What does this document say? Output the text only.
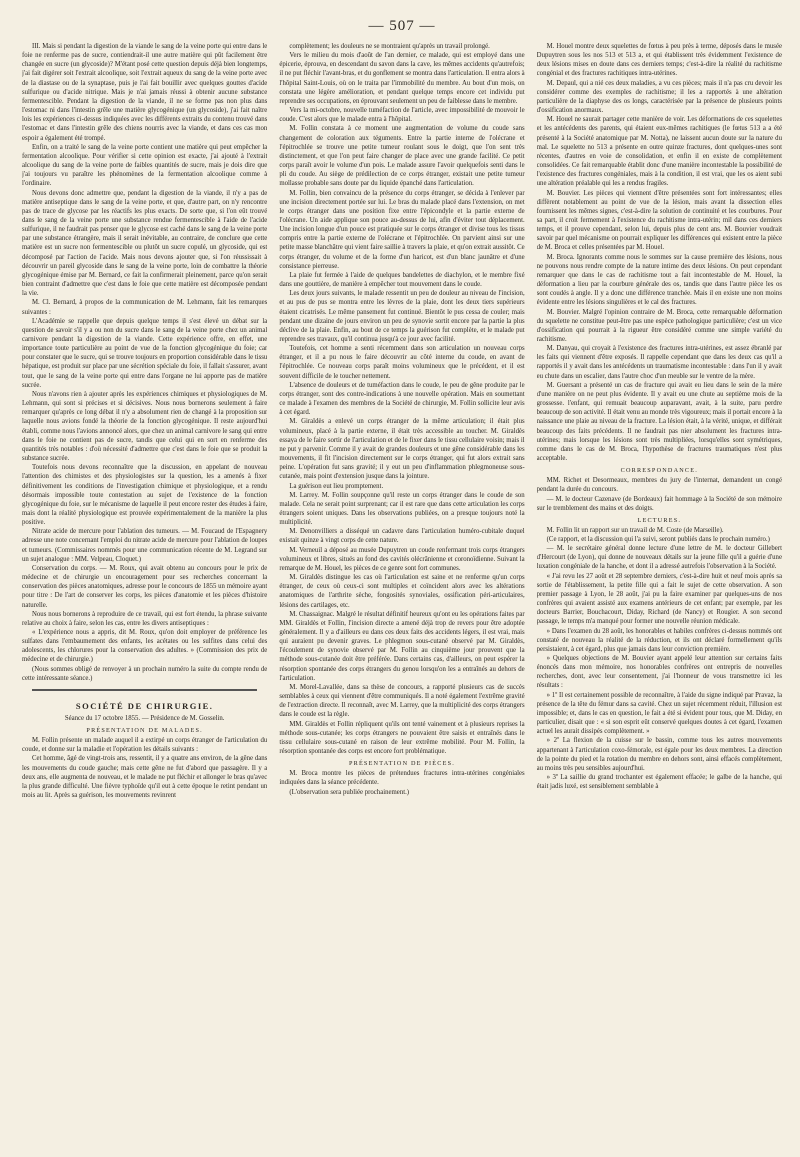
— 507 —

III. Mais si pendant la digestion de la viande le sang de la veine porte qui entre dans le foie ne renferme pas de sucre, contiendrait-il une autre matière qui pût facilement être changée en sucre (un glycoside)? M'étant posé cette question depuis déjà bien longtemps, j'ai fait digérer soit l'extrait alcoolique, soit l'extrait aqueux du sang de la veine porte avec de la diastase ou de la synaptase, puis je l'ai fait bouillir avec quelques gouttes d'acide sulfurique ou d'acide nitrique. Mais je n'ai jamais réussi à obtenir aucune substance fermentescible. Pendant la digestion de la viande, il ne se forme pas non plus dans l'estomac ni dans l'intestin grêle une matière glycogénique (un glycoside), j'ai fait naître lois les expériences ci-dessus indiquées avec les différents extraits du contenu trouvé dans l'estomac et dans l'intestin grêle des chiens nourris avec la viande, et dans ces cas mon espoir a également été trompé.

Enfin, on a traité le sang de la veine porte contient une matière qui peut empêcher la fermentation alcoolique. Pour vérifier si cette opinion est exacte, j'ai ajouté à l'extrait alcoolique du sang de la veine porte de faibles quantités de sucre, mais je dois dire que j'ai toujours vu paraître les phénomènes de la fermentation alcoolique comme à l'ordinaire.

Nous devons donc admettre que, pendant la digestion de la viande, il n'y a pas de matière antiseptique dans le sang de la veine porte, et que, d'autre part, on n'y rencontre pas de trace de glycose par les réactifs les plus exacts. De sorte que, si l'on eût trouvé dans le sang de la veine porte une substance rendue fermentescible à l'aide de l'acide sulfurique, il ne faudrait pas penser que le glycose est caché dans le sang de la veine porte par une substance étrangère, mais il serait inévitable, au contraire, de conclure que cette matière est un sucre non fermentescible ou plutôt un sucre copulé, un glycoside, qui est décomposé par l'action de l'acide. Mais nous devons ajouter que, si l'on réussissait à découvrir un pareil glycoside dans le sang de la veine porte, loin de combattre la théorie glycogénique émise par M. Bernard, ce fait la confirmerait pleinement, parce qu'on serait bien contraint d'admettre que c'est dans le foie que cette matière est décomposée pendant la vie.

M. Cl. Bernard, à propos de la communication de M. Lehmann, fait les remarques suivantes :

L'Académie se rappelle que depuis quelque temps il s'est élevé un débat sur la question de savoir s'il y a ou non du sucre dans le sang de la veine porte chez un animal carnivore pendant la digestion de la viande. Cette expérience offre, en effet, une importance toute particulière au point de vue de la fonction glycogénique du foie; car pour constater que le sucre, qui se trouve toujours en proportion considérable dans le tissu hépatique, est produit sur place par une sécrétion spéciale du foie, il fallait s'assurer, avant tout, que le sang de la veine porte qui entre dans l'organe ne lui apporte pas de matière sucrée.

Nous n'avons rien à ajouter après les expériences chimiques et physiologiques de M. Lehmann, qui sont si précises et si décisives. Nous nous bornerons seulement à faire remarquer qu'après ce long débat il n'y a absolument rien de changé à la proposition sur laquelle nous avions fondé la théorie de la fonction glycogénique. Il reste aujourd'hui établi, comme nous l'avions annoncé alors, que chez un animal carnivore le sang qui entre dans le foie ne contient pas de sucre, tandis que celui qui en sort en renferme des quantités très notables : d'où nécessité d'admettre que c'est dans le foie que se produit la substance sucrée.

Toutefois nous devons reconnaître que la discussion, en appelant de nouveau l'attention des chimistes et des physiologistes sur la question, les a amenés à fixer définitivement les conditions de l'investigation chimique et physiologique, et a rendu désormais impossible toute contestation au sujet de l'existence de la fonction glycogénique du foie, sur le mécanisme de laquelle il peut encore rester des études à faire, mais dont la réalité physiologique est prouvée expérimentalement de la manière la plus positive.

Nitrate acide de mercure pour l'ablation des tumeurs. — M. Foucaud de l'Espagnery adresse une note concernant l'emploi du nitrate acide de mercure pour l'ablation de loupes et tumeurs. (Commissaires nommés pour une communication récente de M. Legrand sur un sujet analogue : MM. Velpeau, Cloquet.)

Conservation du corps. — M. Roux, qui avait obtenu au concours pour le prix de médecine et de chirurgie un encouragement pour ses recherches concernant la conservation des pièces anatomiques, adresse pour le concours de 1855 un mémoire ayant pour titre : De l'art de conserver les corps, les pièces d'anatomie et les pièces d'histoire naturelle.

Nous nous bornerons à reproduire de ce travail, qui est fort étendu, la phrase suivante relative au choix à faire, selon les cas, entre les divers antiseptiques :

« L'expérience nous a appris, dit M. Roux, qu'on doit employer de préférence les sulfates dans l'embaumement des enfants, les acétates ou les sulfites dans celui des adolescents, les chlorures pour la conservation des adultes. » (Commission des prix de médecine et de chirurgie.)

(Nous sommes obligé de renvoyer à un prochain numéro la suite du compte rendu de cette intéressante séance.)

SOCIÉTÉ DE CHIRURGIE.

Séance du 17 octobre 1855. — Présidence de M. Gosselin.

PRÉSENTATION DE MALADES.

M. Follin présente un malade auquel il a extirpé un corps étranger de l'articulation du coude, et donne sur la maladie et l'opération les détails suivants :

Cet homme, âgé de vingt-trois ans, ressentit, il y a quatre ans environ, de la gêne dans les mouvements du coude gauche; mais cette gêne ne fut d'abord que passagère. Il y a deux ans, elle augmenta de nouveau, et le malade ne put fléchir et allonger le bras qu'avec la plus grande difficulté. Une fièvre typhoïde qu'il eut à cette époque le retint pendant un mois au lit. Après sa guérison, les mouvements revinrent

complètement; les douleurs ne se montraient qu'après un travail prolongé.

Vers le milieu du mois d'août de l'an dernier, ce malade, qui est employé dans une épicerie, éprouva, en descendant du savon dans la cave, les mêmes accidents qu'autrefois; il ne put fléchir l'avant-bras, et du gonflement se montra dans l'articulation. Il entra alors à l'hôpital Saint-Louis, où on le traita par l'immobilité du membre. Au bout d'un mois, on constata une légère amélioration, et pendant quelque temps encore cet individu put reprendre ses occupations, en éprouvant seulement un peu de faiblesse dans le membre.

Vers la mi-octobre, nouvelle tuméfaction de l'article, avec impossibilité de mouvoir le coude. C'est alors que le malade entra à l'hôpital.

M. Follin constata à ce moment une augmentation de volume du coude sans changement de coloration aux téguments. Entre la partie interne de l'olécrane et l'épitrochlée se trouve une petite tumeur roulant sous le doigt, que l'on sent très distinctement, et que l'on peut faire changer de place avec une grande facilité. Ce petit corps paraît avoir le volume d'un pois. Le malade assure l'avoir quelquefois senti dans le pli du coude. Au siège de prédilection de ce corps étranger, existait une petite tumeur mollasse probable sans doute par du liquide épanché dans l'articulation.

M. Follin, bien convaincu de la présence du corps étranger, se décida à l'enlever par une incision directement portée sur lui. Le bras du malade placé dans l'extension, on met le corps étranger dans une position fixe entre l'épicondyle et la partie externe de l'olécrane. Un aide applique son pouce au-dessus de lui, afin d'éviter tout déplacement. Une incision longue d'un pouce est pratiquée sur le corps étranger et divise tous les tissus compris entre la partie externe de l'olécrane et l'épitrochlée. On parvient ainsi sur une petite masse blanchâtre qui vient faire saillie à travers la plaie, et qu'on extrait aussitôt. Ce corps étranger, du volume et de la forme d'un haricot, est d'un blanc jaunâtre et d'une consistance pierreuse.

La plaie fut fermée à l'aide de quelques bandelettes de diachylon, et le membre fixé dans une gouttière, de manière à empêcher tout mouvement dans le coude.

Les deux jours suivants, le malade ressentit un peu de douleur au niveau de l'incision, et au pus de pus se montra entre les lèvres de la plaie, dont les deux tiers supérieurs étaient cicatrisés. Le même pansement fut continué. Bientôt le pus cessa de couler; mais pendant une dizaine de jours environ un peu de synovie sortit encore par la partie la plus déclive de la plaie. Enfin, au bout de ce temps la guérison fut complète, et le malade put reprendre ses travaux, qu'il continua jusqu'à ce jour avec facilité.

Toutefois, cet homme a senti récemment dans son articulation un nouveau corps étranger, et il a pu nous le faire découvrir au côté interne du coude, en avant de l'épitrochlée. Ce nouveau corps paraît moins volumineux que le précédent, et il est souvent difficile de le toucher nettement.

L'absence de douleurs et de tuméfaction dans le coude, le peu de gêne produite par le corps étranger, sont des contre-indications à une nouvelle opération. Mais en soumettant ce malade à l'examen des membres de la Société de chirurgie, M. Follin sollicite leur avis à cet égard.

M. Giraldès a enlevé un corps étranger de la même articulation; il était plus volumineux, placé à la partie externe, il était très accessible au toucher. M. Giraldès essaya de le faire sortir de l'articulation et de le fixer dans le tissu cellulaire voisin; mais il ne put y parvenir. Comme il y avait de grandes douleurs et une gêne considérable dans les mouvements, il fit l'incision directement sur le corps étranger, qui fut alors extrait sans peine. L'opération fut sans gravité; il y eut un peu d'inflammation phlegmoneuse sous-cutanée, mais point d'extension jusque dans la jointure.

La guérison eut lieu promptement.

M. Larrey. M. Follin soupçonne qu'il reste un corps étranger dans le coude de son malade. Cela ne serait point surprenant; car il est rare que dans cette articulation les corps étrangers soient uniques. Dans les observations publiées, on a presque toujours noté la multiplicité.

M. Denonvilliers a disséqué un cadavre dans l'articulation huméro-cubitale duquel existait quinze à vingt corps de cette nature.

M. Verneuil a déposé au musée Dupuytren un coude renfermant trois corps étrangers volumineux et libres, situés au fond des cavités olécrânienne et coronoïdienne. Suivant la remarque de M. Houel, les pièces de ce genre sont fort communes.

M. Giraldès distingue les cas où l'articulation est saine et ne renferme qu'un corps étranger, de ceux où ceux-ci sont multiples et coïncident alors avec les altérations anatomiques de l'arthrite sèche, fongosités synoviales, ossification péri-articulaires, lésions des cartilages, etc.

M. Chassaignac. Malgré le résultat définitif heureux qu'ont eu les opérations faites par MM. Giraldès et Follin, l'incision directe a amené déjà trop de revers pour être adoptée généralement. Il y a d'ailleurs eu dans ces deux faits des accidents légers, il est vrai, mais qui auraient pu devenir graves. Le phlegmon sous-cutané observé par M. Giraldès, l'écoulement de synovie observé par M. Follin au cinquième jour prouvent que la méthode sous-cutanée doit être préférée. Dans certains cas, d'ailleurs, on peut espérer la résorption spontanée des corps étrangers du genou lorsqu'on les a entraînés au dehors de l'articulation.

M. Morel-Lavallée, dans sa thèse de concours, a rapporté plusieurs cas de succès semblables à ceux qui viennent d'être communiqués. Il a noté également l'extrême gravité de l'extraction directe. Il reconnaît, avec M. Larrey, que la multiplicité des corps étrangers dans le coude est la règle.

MM. Giraldès et Follin répliquent qu'ils ont tenté vainement et à plusieurs reprises la méthode sous-cutanée; les corps étrangers ne pouvaient être saisis et entraînés dans le tissu cellulaire sous-cutané en raison de leur extrême mobilité. Pour M. Follin, la résorption spontanée des corps est encore fort problématique.

PRÉSENTATION DE PIÈCES.

M. Broca montre les pièces de prétendues fractures intra-utérines congéniales indiquées dans la séance précédente.

(L'observation sera publiée prochainement.)

M. Houel montre deux squelettes de fœtus à peu près à terme, déposés dans le musée Dupuytren sous les nos 513 et 513 a, et qui établissent très évidemment l'existence de deux lésions mises en doute dans ces derniers temps; c'est-à-dire la réalité du rachitisme congénial et des fractures rachitiques intra-utérines.

M. Depaul, qui a nié ces deux maladies, a vu ces pièces; mais il n'a pas cru devoir les considérer comme des exemples de rachitisme; il les a rapportés à une altération particulière de la diaphyse des os longs, caractérisée par la présence de plusieurs points d'ossification anormaux.

M. Houel ne saurait partager cette manière de voir. Les déformations de ces squelettes et les antécédents des parents, qui étaient eux-mêmes rachitiques (le fœtus 513 a a été présenté à la Société anatomique par M. Notta), ne laissent aucun doute sur la nature du mal. Le squelette no 513 a présente en outre quinze fractures, dont quelques-unes sont récentes, d'autres en voie de consolidation, et enfin il en existe de complètement consolidées. Ce fait remarquable établit donc d'une manière incontestable la possibilité de l'existence des fractures congéniales, mais à la condition, il est vrai, que les os aient subi une altération préalable qui les a rendus fragiles.

M. Bouvier. Les pièces qui viennent d'être présentées sont fort intéressantes; elles diffèrent notablement au point de vue de la lésion, mais avant la dissection elles fournissent les mêmes signes, c'est-à-dire la solution de continuité et les courbures. Pour sa part, il croit fermement à l'existence du rachitisme intra-utérin; mil dans ces derniers temps, et il prouve cependant, selon lui, depuis plus de cent ans. M. Bouvier voudrait savoir par quel mécanisme on pourrait expliquer les différences qui existent entre la pièce de M. Broca et celles présentées par M. Houel.

M. Broca. Ignorants comme nous le sommes sur la cause première des lésions, nous ne pouvons nous rendre compte de la nature intime des deux lésions. On peut cependant remarquer que dans le cas de rachitisme tout a fait incontestable de M. Houel, la déformation a lieu par la courbure générale des os, tandis que dans l'autre pièce les os sont coudés à angle. Il y a donc une différence tranchée. Mais il en existe une non moins évidente entre les lésions singulières et le cal des fractures.

M. Bouvier. Malgré l'opinion contraire de M. Broca, cette remarquable déformation du squelette ne constitue peut-être pas une espèce pathologique particulière; c'est un vice d'ossification qui pourrait à la rigueur être considéré comme une simple variété du rachitisme.

M. Danyau, qui croyait à l'existence des fractures intra-utérines, est assez ébranlé par les faits qui viennent d'être exposés. Il rappelle cependant que dans les deux cas qu'il a rapportés il y avait dans les antécédents un traumatisme incontestable : dans l'un il y avait eu chute dans un escalier, dans l'autre choc d'un meuble sur le ventre de la mère.

M. Guersant a présenté un cas de fracture qui avait eu lieu dans le sein de la mère d'une manière on ne peut plus évidente. Il y avait eu une chute au septième mois de la grossesse. l'enfant, qui remuait beaucoup auparavant, avait, à la suite, paru perdre beaucoup de son activité. Il était venu au monde très vigoureux; mais il portait encore à la naissance une plaie au niveau de la fracture. La lésion était, à la vérité, unique, et différait beaucoup des faits précédents. Il ne faudrait pas nier absolument les fractures intra-utérines; mais lorsque les lésions sont très multipliées, lorsqu'elles sont symétriques, comme dans le cas de M. Broca, l'hypothèse de fractures traumatiques n'est plus acceptable.

CORRESPONDANCE.

MM. Richet et Desormeaux, membres du jury de l'internat, demandent un congé pendant la durée du concours.

— M. le docteur Cazenave (de Bordeaux) fait hommage à la Société de son mémoire sur le tremblement des mains et des doigts.

LECTURES.

M. Follin lit un rapport sur un travail de M. Coste (de Marseille).

(Ce rapport, et la discussion qui l'a suivi, seront publiés dans le prochain numéro.)

— M. le secrétaire général donne lecture d'une lettre de M. le docteur Gillebert d'Hercourt (de Lyon), qui donne de nouveaux détails sur la jeune fille qu'il a guérie d'une luxation congéniale de la hanche, et dont il a adressé autrefois l'observation à la Société.

« J'ai revu les 27 août et 28 septembre derniers, c'est-à-dire huit et neuf mois après sa sortie de l'établissement, la petite fille qui a fait le sujet de cette observation. A son premier passage à Lyon, le 28 août, j'ai pu la faire examiner par quelques-uns de nos confrères qui avaient assisté aux examens antérieurs de cet enfant; par exemple, par les docteurs Barrier, Bouchacourt, Diday, Richard (de Nancy) et Rougier. A son second passage, le temps m'a manqué pour former une nouvelle réunion médicale.

» Dans l'examen du 28 août, les honorables et habiles confrères ci-dessus nommés ont constaté de nouveau la réalité de la réduction, et ils ont déclaré formellement qu'ils persistaient, à cet égard, plus que jamais dans leur conviction première.

» Quelques objections de M. Bouvier ayant appelé leur attention sur certains faits énoncés dans mon mémoire, nos honorables confrères ont entrepris de nouvelles recherches, dont, avec leur consentement, j'ai l'honneur de vous transmettre ici les résultats :

» 1º Il est certainement possible de reconnaître, à l'aide du signe indiqué par Pravaz, la présence de la tête du fémur dans sa cavité. Chez un sujet récemment réduit, l'illusion est impossible; et, dans le cas en question, le fait a été si évident pour tous, que M. Diday, en particulier, disait que : « si son esprit eût conservé quelques doutes à cet égard, l'examen actuel les aurait dissipés complètement. »

» 2º La flexion de la cuisse sur le bassin, comme tous les autres mouvements appartenant à l'articulation coxo-fémorale, est égale pour les deux membres. La direction de la pointe du pied et la rotation du membre en dehors sont, ainsi effacés complètement, au moins très peu sensibles aujourd'hui.

» 3º La saillie du grand trochanter est également effacée; le galbe de la hanche, qui était jadis luxé, est sensiblement semblable à
